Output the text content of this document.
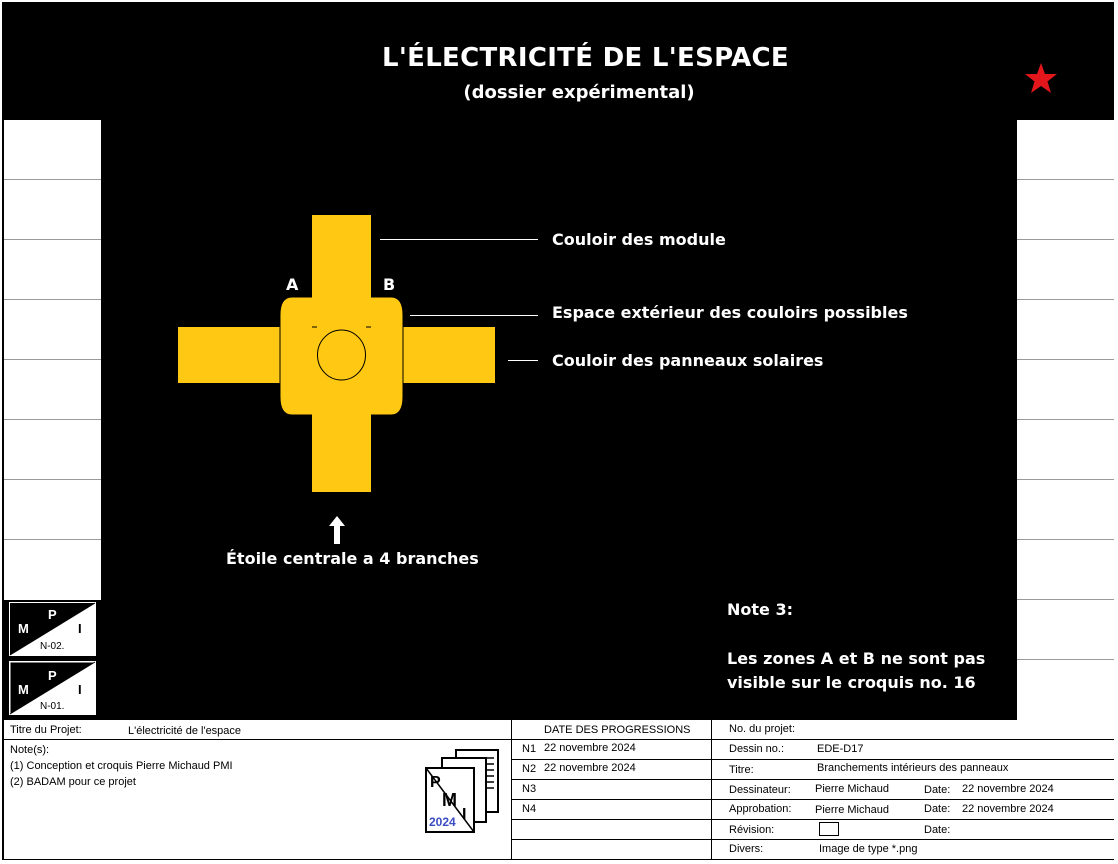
L'ÉLECTRICITÉ DE L'ESPACE
(dossier expérimental)
A	B
Couloir des module
Espace extérieur des couloirs possibles
Couloir des panneaux solaires
Étoile centrale a 4 branches
Note 3:
Les zones A et B ne sont pas
visible sur le croquis no. 16
M
P
I
N-02.
M
P
I
N-01.
Titre du Projet:	L'électricité de l'espace
Note(s):
(1) Conception et croquis Pierre Michaud PMI
(2) BADAM pour ce projet	P
M
I
2024
DATE DES PROGRESSIONS
N1 22 novembre 2024
N2 22 novembre 2024
N3
N4
No. du projet:
Dessin no.:	EDE-D17
Titre:	Branchements intérieurs des panneaux
Dessinateur: Pierre Michaud	Date: 22 novembre 2024
Approbation: Pierre Michaud	Date: 22 novembre 2024
Révision:	Date:
Divers:	Image de type *.png
